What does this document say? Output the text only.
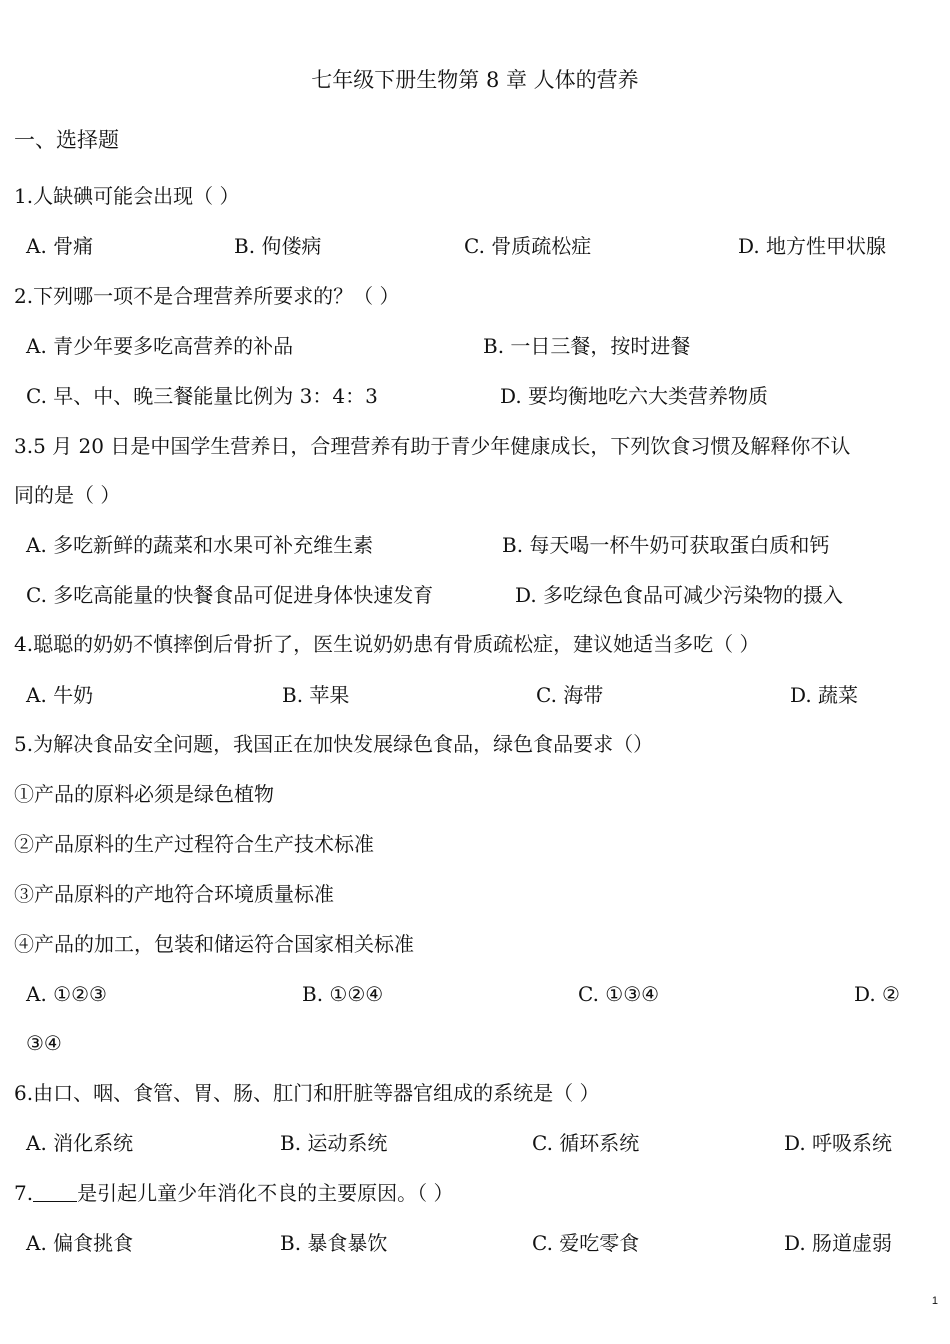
七年级下册生物第 8 章 人体的营养
一、选择题
1.人缺碘可能会出现（ ）
A. 骨痛	B. 佝偻病	C. 骨质疏松症	D. 地方性甲状腺
2.下列哪一项不是合理营养所要求的？（ ）
A. 青少年要多吃高营养的补品	B. 一日三餐，按时进餐
C. 早、中、晚三餐能量比例为 3：4：3	D. 要均衡地吃六大类营养物质
3.5 月 20 日是中国学生营养日，合理营养有助于青少年健康成长，下列饮食习惯及解释你不认
同的是（ ）
A. 多吃新鲜的蔬菜和水果可补充维生素	B. 每天喝一杯牛奶可获取蛋白质和钙
C. 多吃高能量的快餐食品可促进身体快速发育	D. 多吃绿色食品可减少污染物的摄入
4.聪聪的奶奶不慎摔倒后骨折了，医生说奶奶患有骨质疏松症，建议她适当多吃（ ）
A. 牛奶	B. 苹果	C. 海带	D. 蔬菜
5.为解决食品安全问题，我国正在加快发展绿色食品，绿色食品要求（）
①产品的原料必须是绿色植物
②产品原料的生产过程符合生产技术标准
③产品原料的产地符合环境质量标准
④产品的加工，包装和储运符合国家相关标准
A. ①②③	B. ①②④	C. ①③④	D. ②
③④
6.由口、咽、食管、胃、肠、肛门和肝脏等器官组成的系统是（ ）
A. 消化系统	B. 运动系统	C. 循环系统	D. 呼吸系统
7. 是引起儿童少年消化不良的主要原因。（ ）
A. 偏食挑食	B. 暴食暴饮	C. 爱吃零食	D. 肠道虚弱
1
